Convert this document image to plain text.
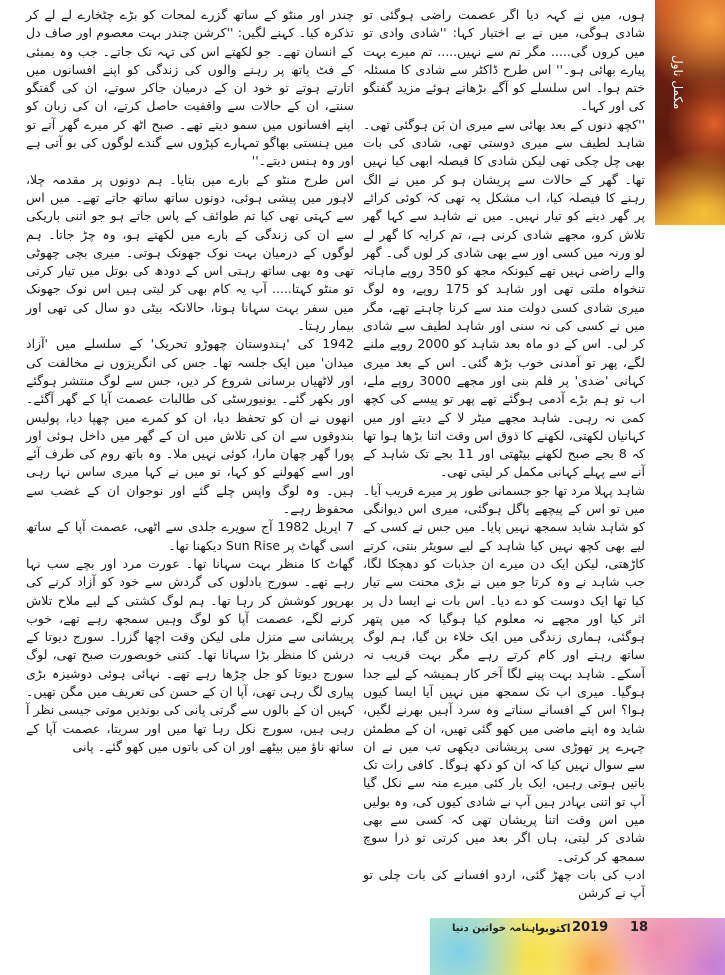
مکمل ناول

ہوں، میں نے کہہ دیا اگر عصمت راضی ہوگئی تو شادی ہوگی، میں نے بے اختیار کہا: ''شادی وادی تو میں کروں گی..... مگر تم سے نہیں..... تم میرے بہت پیارے بھائی ہو۔'' اس طرح ڈاکٹر سے شادی کا مسئلہ ختم ہوا۔ اس سلسلے کو آگے بڑھاتے ہوئے مزید گفتگو کی اور کہا۔

''کچھ دنوں کے بعد بھائی سے میری ان بَن ہوگئی تھی۔ شاہد لطیف سے میری دوستی تھی، شادی کی بات بھی چل چکی تھی لیکن شادی کا فیصلہ ابھی کیا نہیں تھا۔ گھر کے حالات سے پریشان ہو کر میں نے الگ رہنے کا فیصلہ کیا، اب مشکل یہ تھی کہ کوئی کرائے پر گھر دینے کو تیار نہیں۔ میں نے شاہد سے کہا گھر تلاش کرو، مجھے شادی کرنی ہے، تم کرایہ کا گھر لے لو ورنہ میں کسی اور سے بھی شادی کر لوں گی۔ گھر والے راضی نہیں تھے کیونکہ مجھ کو 350 روپے ماہانہ تنخواہ ملتی تھی اور شاہد کو 175 روپے، وہ لوگ میری شادی کسی دولت مند سے کرنا چاہتے تھے، مگر میں نے کسی کی نہ سنی اور شاہد لطیف سے شادی کر لی۔ اس کے دو ماہ بعد شاہد کو 2000 روپے ملنے لگے، پھر تو آمدنی خوب بڑھ گئی۔ اس کے بعد میری کہانی 'ضدی' پر فلم بنی اور مجھے 3000 روپے ملے، اب تو ہم بڑے آدمی ہوگئے تھے پھر تو پیسے کی کچھ کمی نہ رہی۔ شاہد مجھے میٹر لا کے دیتے اور میں کہانیاں لکھتی، لکھنے کا ذوق اس وقت اتنا بڑھا ہوا تھا کہ 8 بجے صبح لکھنے بیٹھتی اور 11 بجے تک شاہد کے آنے سے پہلے کہانی مکمل کر لیتی تھی۔

شاہد پہلا مرد تھا جو جسمانی طور پر میرے قریب آیا۔ میں تو اس کے پیچھے پاگل ہوگئی، میری اس دیوانگی کو شاہد شاید سمجھ نہیں پایا۔ میں جس نے کسی کے لیے بھی کچھ نہیں کیا شاہد کے لیے سویٹر بنتی، کرتے کاڑھتی، لیکن ایک دن میرے ان جذبات کو دھچکا لگا، جب شاہد نے وہ کرتا جو میں نے بڑی محنت سے تیار کیا تھا ایک دوست کو دے دیا۔ اس بات نے ایسا دل پر اثر کیا اور مجھے نہ معلوم کیا ہوگیا کہ میں پتھر ہوگئی، ہماری زندگی میں ایک خلاء بن گیا، ہم لوگ ساتھ رہتے اور کام کرتے رہے مگر بہت قریب نہ آسکے۔ شاہد بہت پینے لگا آخر کار ہمیشہ کے لیے جدا ہوگیا۔ میری اب تک سمجھ میں نہیں آیا ایسا کیوں ہوا؟ اس کے افسانے سناتے وہ سرد آہیں بھرنے لگیں، شاید وہ اپنے ماضی میں کھو گئی تھیں، ان کے مطمئن چہرے پر تھوڑی سی پریشانی دیکھی تب میں نے ان سے سوال نہیں کیا کہ ان کو دکھ ہوگا۔ کافی رات تک باتیں ہوتی رہیں، ایک بار کئی میرے منہ سے نکل گیا آپ تو اتنی بہادر ہیں آپ نے شادی کیوں کی، وہ بولیں میں اس وقت اتنا پریشان تھی کہ کسی سے بھی شادی کر لیتی، ہاں اگر بعد میں کرتی تو ذرا سوچ سمجھ کر کرتی۔

ادب کی بات چھڑ گئی، اردو افسانے کی بات چلی تو آپ نے کرشن

چندر اور منٹو کے ساتھ گزرے لمحات کو بڑے چٹخارے لے لے کر تذکرہ کیا۔ کہنے لگیں: ''کرشن چندر بہت معصوم اور صاف دل کے انسان تھے۔ جو لکھتے اس کی تہہ تک جاتے۔ جب وہ بمبئی کے فٹ پاتھ پر رہنے والوں کی زندگی کو اپنے افسانوں میں اتارتے ہوتے تو خود ان کے درمیان جاکر سوتے، ان کی گفتگو سنتے، ان کے حالات سے واقفیت حاصل کرتے، ان کی زبان کو اپنے افسانوں میں سمو دیتے تھے۔ صبح اٹھ کر میرے گھر آتے تو میں ہنستی بھاگو تمہارے کپڑوں سے گندے لوگوں کی بو آتی ہے اور وہ ہنس دیتے۔''

اس طرح منٹو کے بارے میں بتایا۔ ہم دونوں پر مقدمہ چلا، لاہور میں پیشی ہوئی، دونوں ساتھ ساتھ جاتے تھے۔ میں اس سے کہتی تھی کیا تم طوائف کے پاس جاتے ہو جو اتنی باریکی سے ان کی زندگی کے بارے میں لکھتے ہو، وہ چڑ جاتا۔ ہم لوگوں کے درمیان بہت نوک جھونک ہوتی۔ میری بچی چھوٹی تھی وہ بھی ساتھ رہتی اس کے دودھ کی بوتل میں تیار کرتی تو منٹو کہتا..... آپ یہ کام بھی کر لیتی ہیں اس نوک جھونک میں سفر بہت سہانا ہوتا، حالانکہ بیٹی دو سال کی تھی اور بیمار رہتا۔

1942 کی 'ہندوستان چھوڑو تحریک' کے سلسلے میں 'آزاد میدان' میں ایک جلسہ تھا۔ جس کی انگریزوں نے مخالفت کی اور لاٹھیاں برسانی شروع کر دیں، جس سے لوگ منتشر ہوگئے اور بکھر گئے۔ یونیورسٹی کی طالبات عصمت آپا کے گھر آگئے۔ انھوں نے ان کو تحفظ دیا، ان کو کمرے میں چھپا دیا، پولیس بندوقوں سے ان کی تلاش میں ان کے گھر میں داخل ہوئی اور پورا گھر چھان مارا، کوئی نہیں ملا۔ وہ باتھ روم کی طرف آئے اور اسے کھولنے کو کہا، تو میں نے کہا میری ساس نہا رہی ہیں۔ وہ لوگ واپس چلے گئے اور نوجوان ان کے غضب سے محفوظ رہے۔

7 اپریل 1982 آج سویرے جلدی سے اٹھی، عصمت آپا کے ساتھ اسی گھاٹ پر Sun Rise دیکھنا تھا۔

گھاٹ کا منظر بہت سہانا تھا۔ عورت مرد اور بچے سب نہا رہے تھے۔ سورج بادلوں کی گردش سے خود کو آزاد کرنے کی بھرپور کوشش کر رہا تھا۔ ہم لوگ کشتی کے لیے ملاح تلاش کرنے لگے، عصمت آپا کو لوگ وہیں سمجھ رہے تھے، خوب پریشانی سے منزل ملی لیکن وقت اچھا گزرا۔ سورج دیوتا کے درشن کا منظر بڑا سہانا تھا۔ کتنی خوبصورت صبح تھی، لوگ سورج دیوتا کو جل چڑھا رہے تھے۔ نہائی ہوئی دوشیزہ بڑی پیاری لگ رہی تھی، آپا ان کے حسن کی تعریف میں مگن تھیں۔ کہیں ان کے بالوں سے گرتی پانی کی بوندیں موتی جیسی نظر آ رہی ہیں، سورج نکل رہا تھا میں اور سریتا، عصمت آپا کے ساتھ ناؤ میں بیٹھے اور ان کی باتوں میں کھو گئے۔ پانی

ماہنامہ خواتین دنیا
اکتوبر 2019 18
